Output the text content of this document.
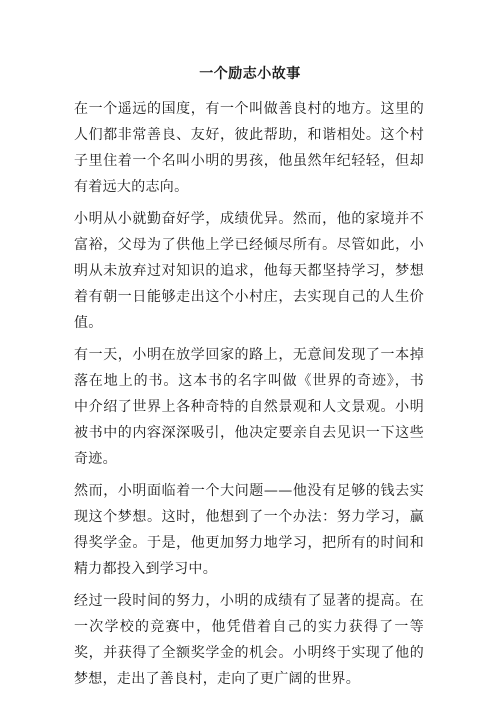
一个励志小故事

在一个遥远的国度，有一个叫做善良村的地方。这里的人们都非常善良、友好，彼此帮助，和谐相处。这个村子里住着一个名叫小明的男孩，他虽然年纪轻轻，但却有着远大的志向。

小明从小就勤奋好学，成绩优异。然而，他的家境并不富裕，父母为了供他上学已经倾尽所有。尽管如此，小明从未放弃过对知识的追求，他每天都坚持学习，梦想着有朝一日能够走出这个小村庄，去实现自己的人生价值。

有一天，小明在放学回家的路上，无意间发现了一本掉落在地上的书。这本书的名字叫做《世界的奇迹》，书中介绍了世界上各种奇特的自然景观和人文景观。小明被书中的内容深深吸引，他决定要亲自去见识一下这些奇迹。

然而，小明面临着一个大问题——他没有足够的钱去实现这个梦想。这时，他想到了一个办法：努力学习，赢得奖学金。于是，他更加努力地学习，把所有的时间和精力都投入到学习中。

经过一段时间的努力，小明的成绩有了显著的提高。在一次学校的竞赛中，他凭借着自己的实力获得了一等奖，并获得了全额奖学金的机会。小明终于实现了他的梦想，走出了善良村，走向了更广阔的世界。
